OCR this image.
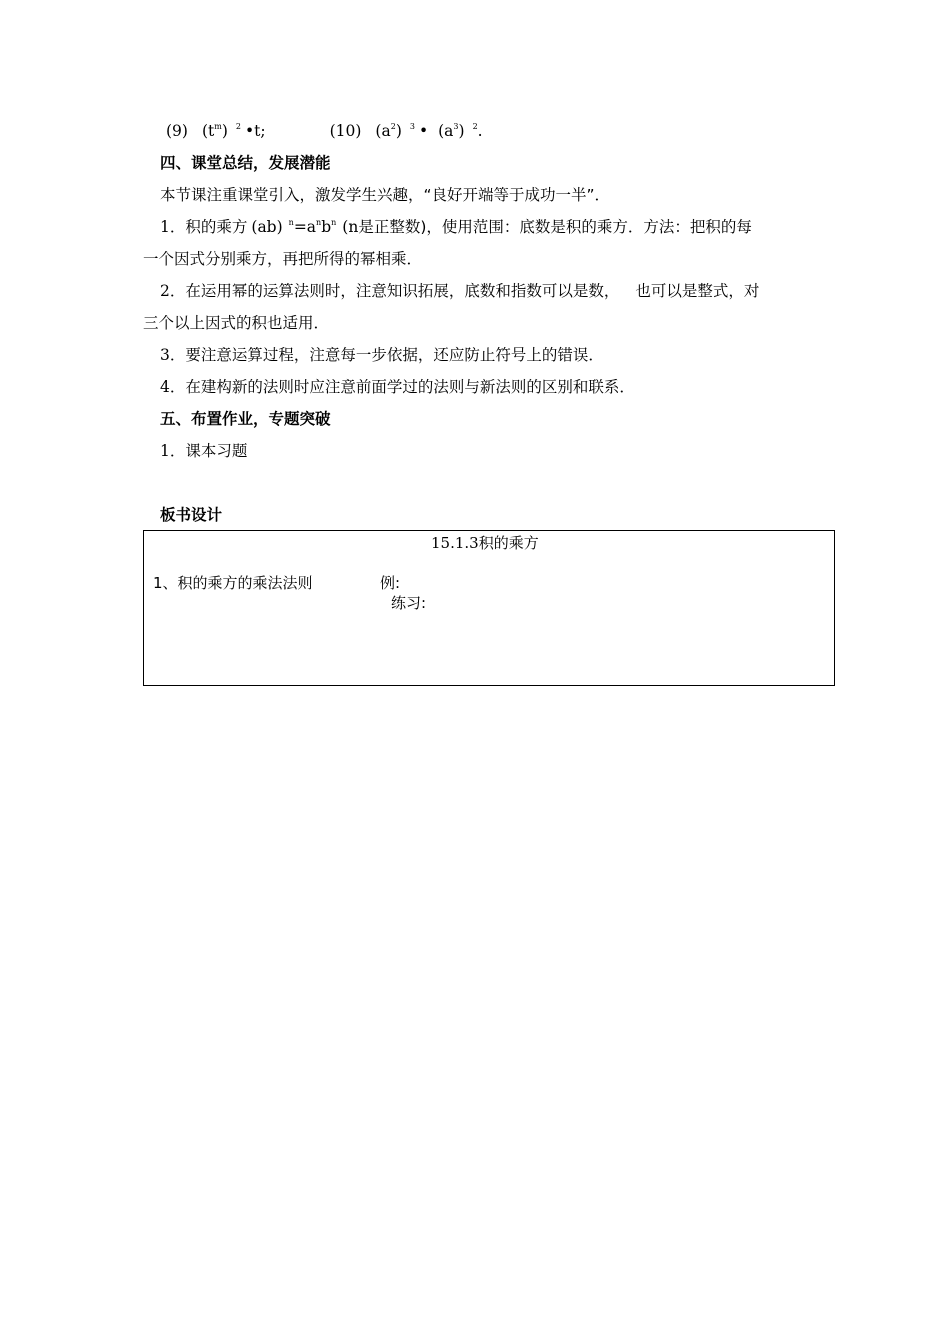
(9) $(t^m)$ $^2$ •t;	(10) $(a^2)$ $^3$ • $(a^3)$ $^2$.
四、课堂总结，发展潜能
本节课注重课堂引入，激发学生兴趣，“良好开端等于成功一半”．
1．积的乘方 (ab) $^n=a^nb^n$ (n是正整数)，使用范围：底数是积的乘方．方法：把积的每
一个因式分别乘方，再把所得的幂相乘．
2．在运用幂的运算法则时，注意知识拓展，底数和指数可以是数， 也可以是整式，对
三个以上因式的积也适用．
3．要注意运算过程，注意每一步依据，还应防止符号上的错误．
4．在建构新的法则时应注意前面学过的法则与新法则的区别和联系．
五、布置作业，专题突破
1．课本习题
板书设计
15.1.3积的乘方
1、积的乘方的乘法法则	例:
练习:
